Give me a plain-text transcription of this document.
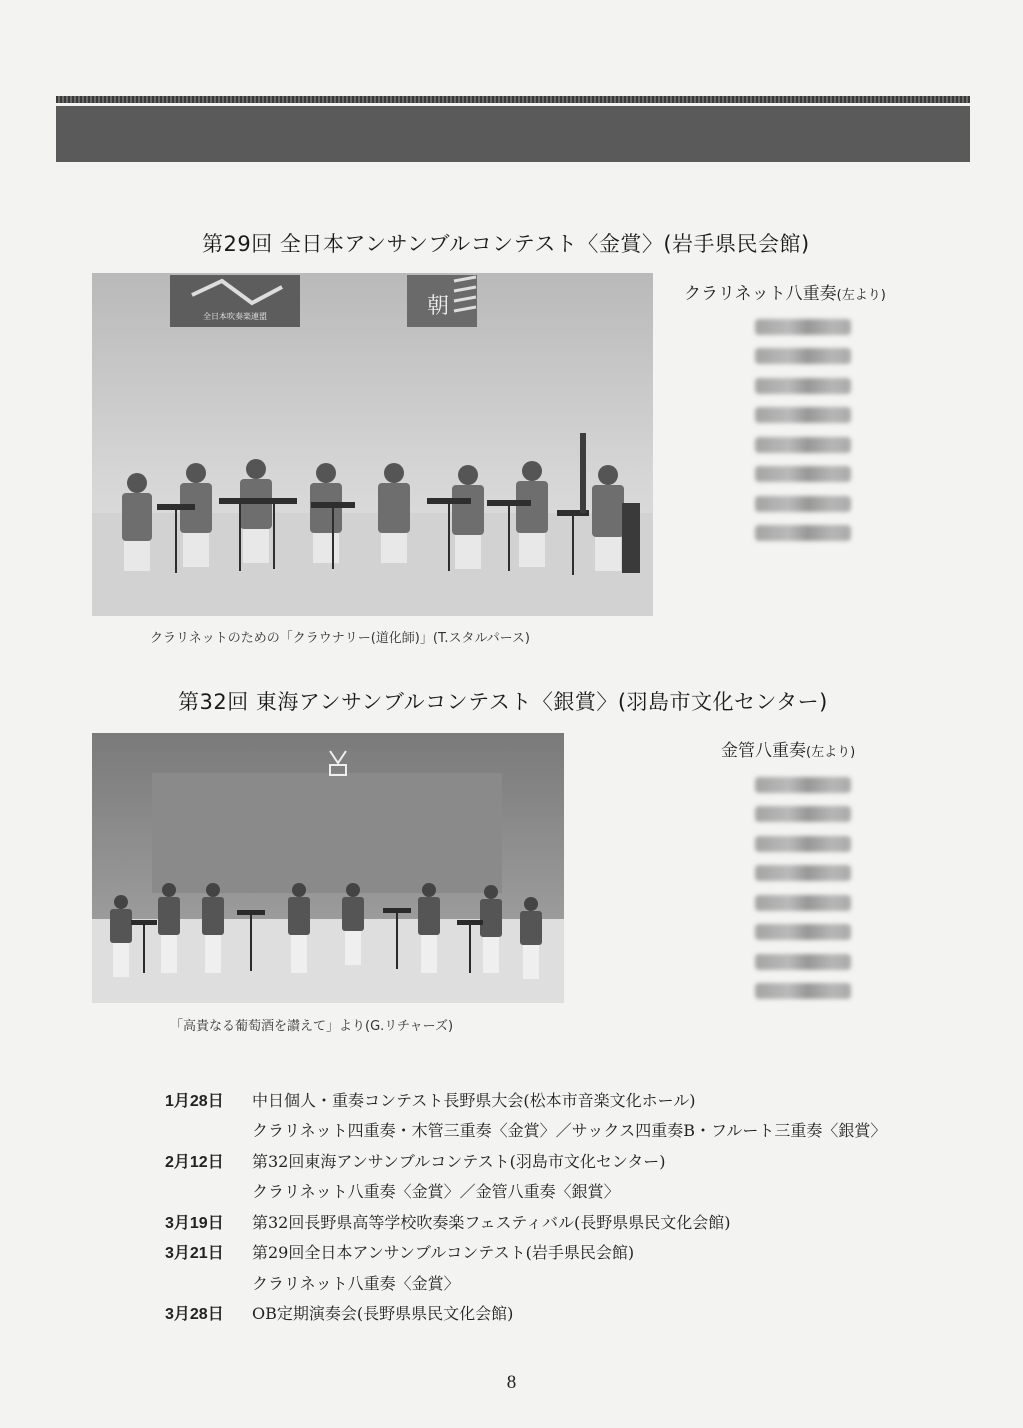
第29回 全日本アンサンブルコンテスト〈金賞〉(岩手県民会館)
全日本吹奏楽連盟	朝
クラリネットのための「クラウナリー(道化師)」(T.スタルパース)
クラリネット八重奏(左より)
第32回 東海アンサンブルコンテスト〈銀賞〉(羽島市文化センター)
「高貴なる葡萄酒を讃えて」より(G.リチャーズ)
金管八重奏(左より)
1月28日	中日個人・重奏コンテスト長野県大会(松本市音楽文化ホール)
クラリネット四重奏・木管三重奏〈金賞〉／サックス四重奏B・フルート三重奏〈銀賞〉
2月12日	第32回東海アンサンブルコンテスト(羽島市文化センター)
クラリネット八重奏〈金賞〉／金管八重奏〈銀賞〉
3月19日	第32回長野県高等学校吹奏楽フェスティバル(長野県県民文化会館)
3月21日	第29回全日本アンサンブルコンテスト(岩手県民会館)
クラリネット八重奏〈金賞〉
3月28日	OB定期演奏会(長野県県民文化会館)
8
